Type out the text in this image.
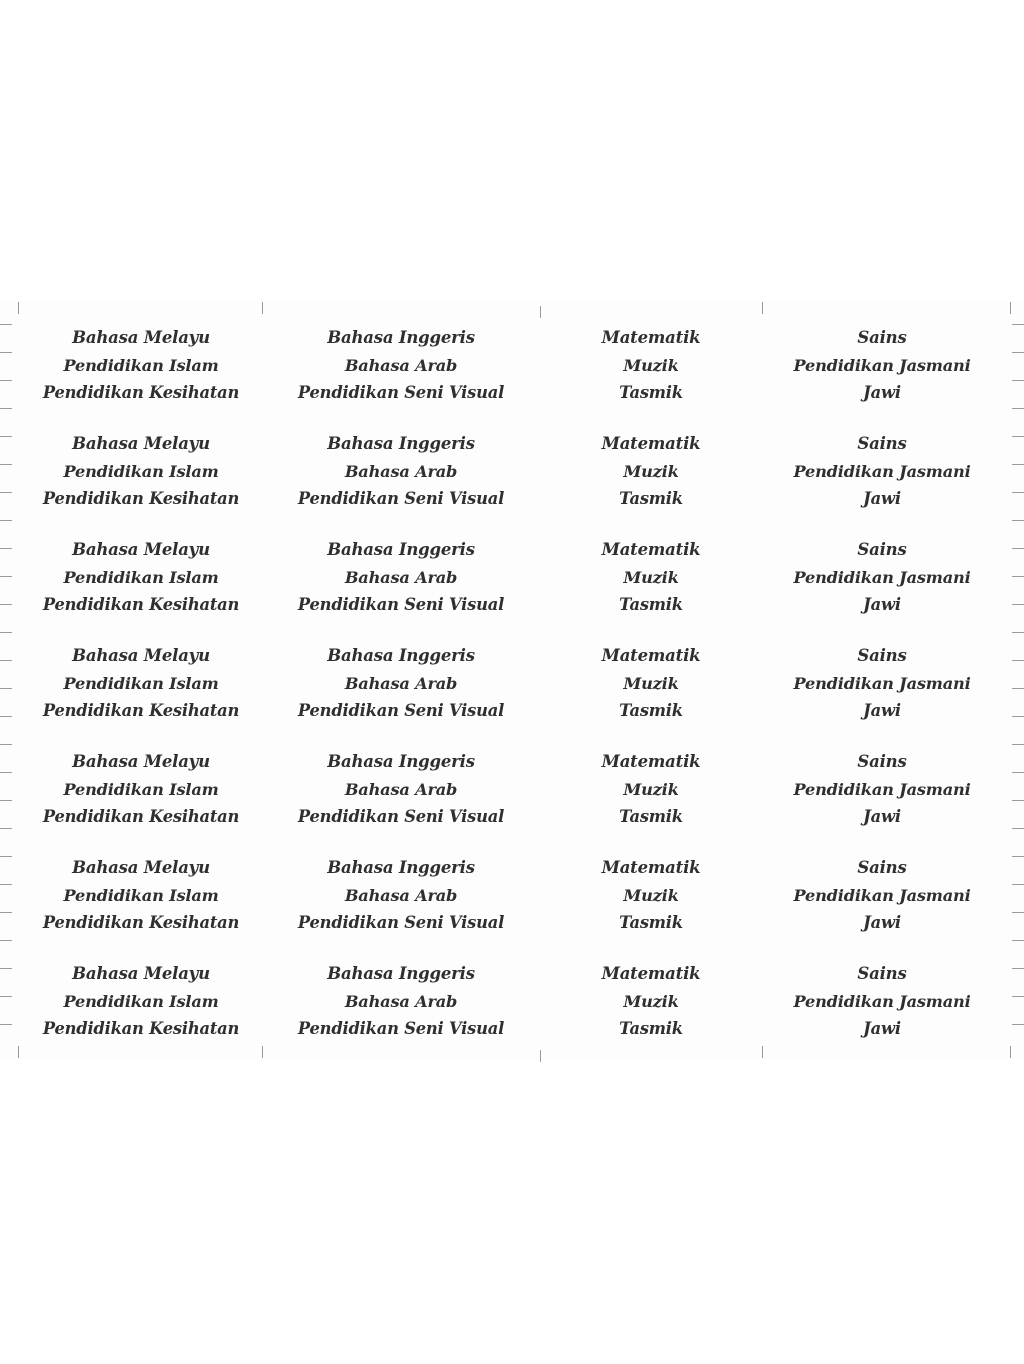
Bahasa Melayu
Pendidikan Islam
Pendidikan Kesihatan
Bahasa Melayu
Pendidikan Islam
Pendidikan Kesihatan
Bahasa Melayu
Pendidikan Islam
Pendidikan Kesihatan
Bahasa Melayu
Pendidikan Islam
Pendidikan Kesihatan
Bahasa Melayu
Pendidikan Islam
Pendidikan Kesihatan
Bahasa Melayu
Pendidikan Islam
Pendidikan Kesihatan
Bahasa Melayu
Pendidikan Islam
Pendidikan Kesihatan
Bahasa Inggeris
Bahasa Arab
Pendidikan Seni Visual
Bahasa Inggeris
Bahasa Arab
Pendidikan Seni Visual
Bahasa Inggeris
Bahasa Arab
Pendidikan Seni Visual
Bahasa Inggeris
Bahasa Arab
Pendidikan Seni Visual
Bahasa Inggeris
Bahasa Arab
Pendidikan Seni Visual
Bahasa Inggeris
Bahasa Arab
Pendidikan Seni Visual
Bahasa Inggeris
Bahasa Arab
Pendidikan Seni Visual
Matematik
Muzik
Tasmik
Matematik
Muzik
Tasmik
Matematik
Muzik
Tasmik
Matematik
Muzik
Tasmik
Matematik
Muzik
Tasmik
Matematik
Muzik
Tasmik
Matematik
Muzik
Tasmik
Sains
Pendidikan Jasmani
Jawi
Sains
Pendidikan Jasmani
Jawi
Sains
Pendidikan Jasmani
Jawi
Sains
Pendidikan Jasmani
Jawi
Sains
Pendidikan Jasmani
Jawi
Sains
Pendidikan Jasmani
Jawi
Sains
Pendidikan Jasmani
Jawi
